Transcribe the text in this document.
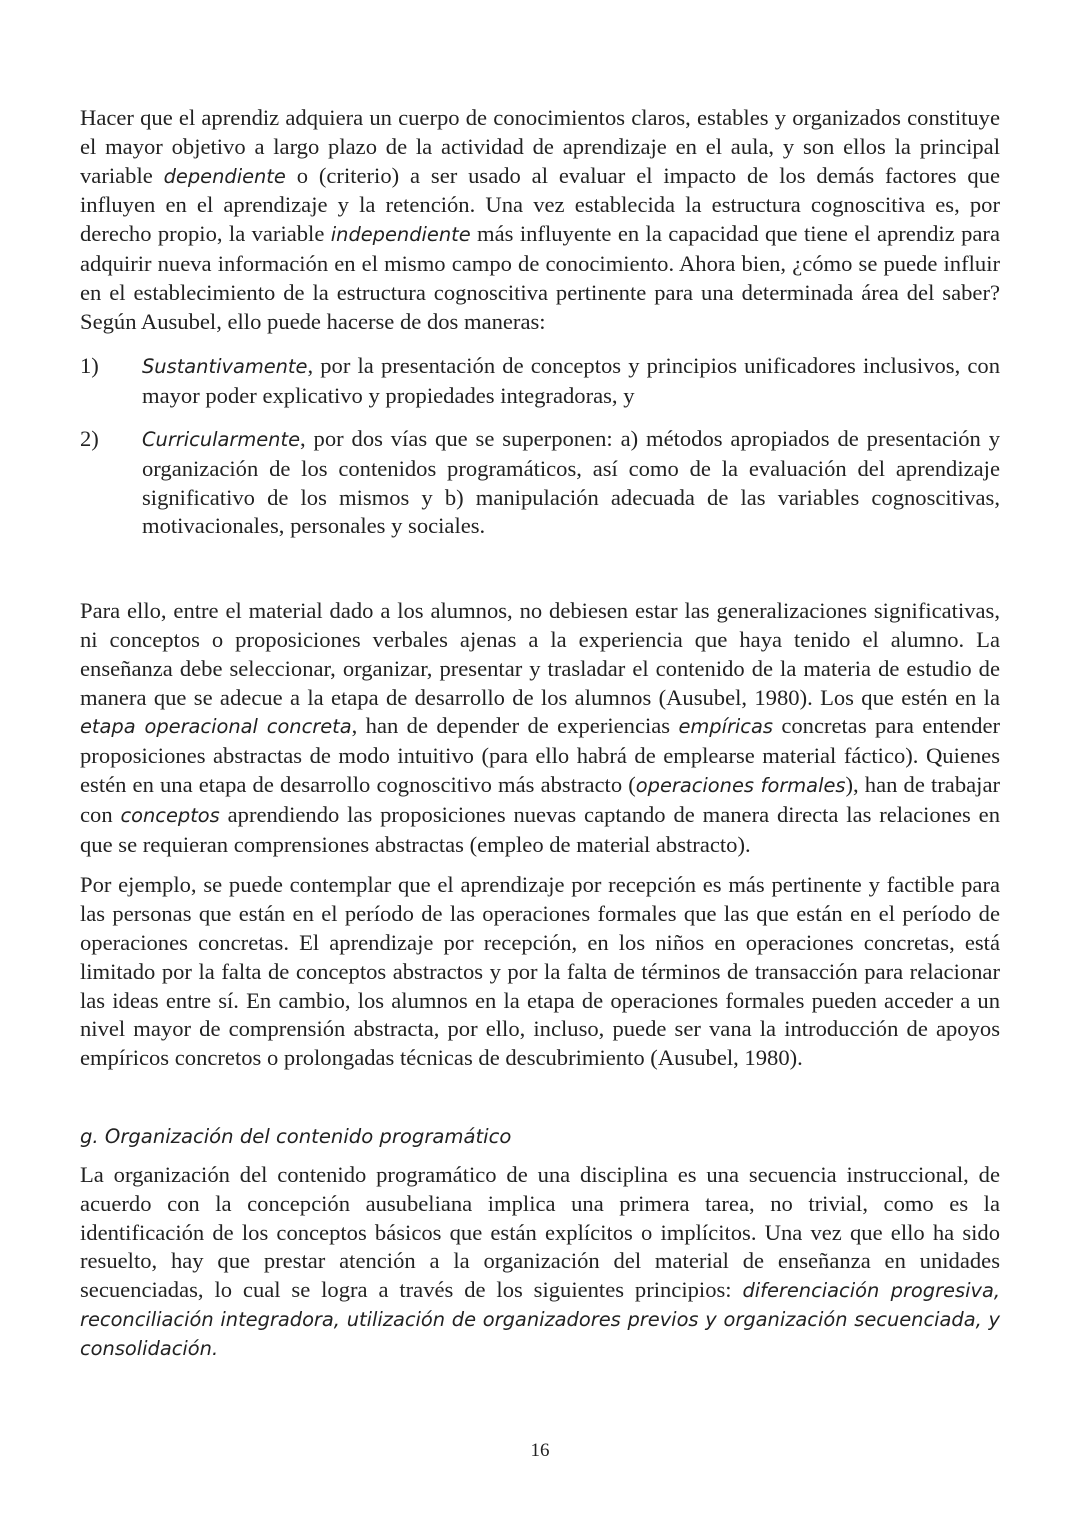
Hacer que el aprendiz adquiera un cuerpo de conocimientos claros, estables y organizados constituye el mayor objetivo a largo plazo de la actividad de aprendizaje en el aula, y son ellos la principal variable dependiente o (criterio) a ser usado al evaluar el impacto de los demás factores que influyen en el aprendizaje y la retención. Una vez establecida la estructura cognoscitiva es, por derecho propio, la variable independiente más influyente en la capacidad que tiene el aprendiz para adquirir nueva información en el mismo campo de conocimiento. Ahora bien, ¿cómo se puede influir en el establecimiento de la estructura cognoscitiva pertinente para una determinada área del saber? Según Ausubel, ello puede hacerse de dos maneras:

1)	Sustantivamente, por la presentación de conceptos y principios unificadores inclusivos, con mayor poder explicativo y propiedades integradoras, y
2)	Curricularmente, por dos vías que se superponen: a) métodos apropiados de presentación y organización de los contenidos programáticos, así como de la evaluación del aprendizaje significativo de los mismos y b) manipulación adecuada de las variables cognoscitivas, motivacionales, personales y sociales.

Para ello, entre el material dado a los alumnos, no debiesen estar las generalizaciones significativas, ni conceptos o proposiciones verbales ajenas a la experiencia que haya tenido el alumno. La enseñanza debe seleccionar, organizar, presentar y trasladar el contenido de la materia de estudio de manera que se adecue a la etapa de desarrollo de los alumnos (Ausubel, 1980). Los que estén en la etapa operacional concreta, han de depender de experiencias empíricas concretas para entender proposiciones abstractas de modo intuitivo (para ello habrá de emplearse material fáctico). Quienes estén en una etapa de desarrollo cognoscitivo más abstracto (operaciones formales), han de trabajar con conceptos aprendiendo las proposiciones nuevas captando de manera directa las relaciones en que se requieran comprensiones abstractas (empleo de material abstracto).

Por ejemplo, se puede contemplar que el aprendizaje por recepción es más pertinente y factible para las personas que están en el período de las operaciones formales que las que están en el período de operaciones concretas. El aprendizaje por recepción, en los niños en operaciones concretas, está limitado por la falta de conceptos abstractos y por la falta de términos de transacción para relacionar las ideas entre sí. En cambio, los alumnos en la etapa de operaciones formales pueden acceder a un nivel mayor de comprensión abstracta, por ello, incluso, puede ser vana la introducción de apoyos empíricos concretos o prolongadas técnicas de descubrimiento (Ausubel, 1980).

g. Organización del contenido programático

La organización del contenido programático de una disciplina es una secuencia instruccional, de acuerdo con la concepción ausubeliana implica una primera tarea, no trivial, como es la identificación de los conceptos básicos que están explícitos o implícitos. Una vez que ello ha sido resuelto, hay que prestar atención a la organización del material de enseñanza en unidades secuenciadas, lo cual se logra a través de los siguientes principios: diferenciación progresiva, reconciliación integradora, utilización de organizadores previos y organización secuenciada, y consolidación.

16
